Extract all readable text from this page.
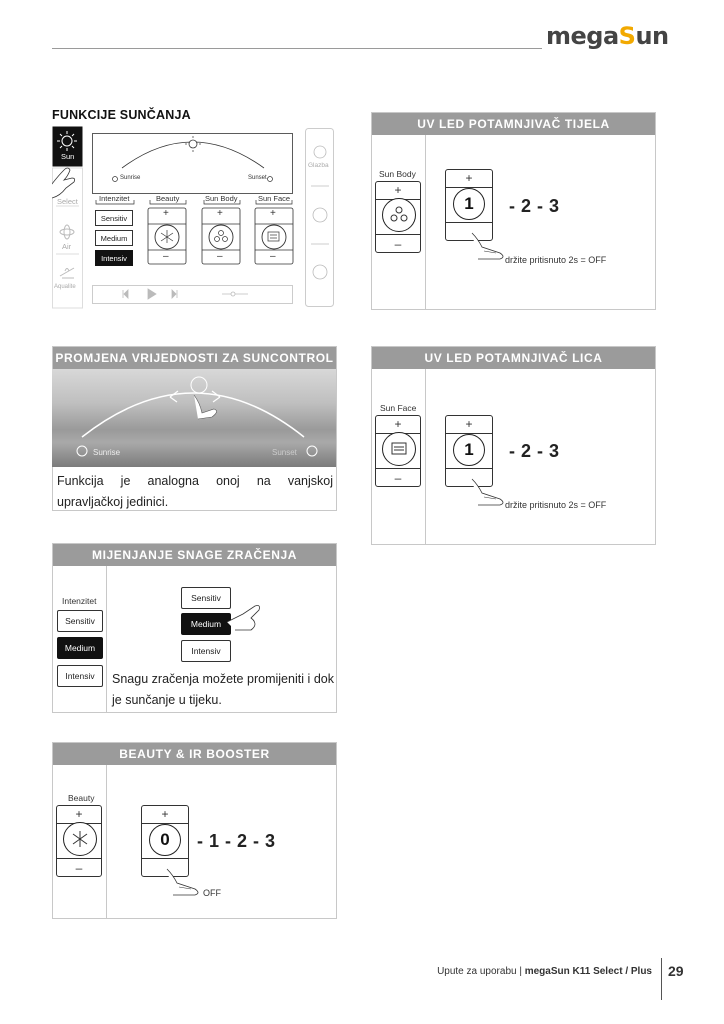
megaSun
FUNKCIJE SUNČANJA
Sun
Select
Air
Aqualite
Sunrise	Sunset
Intenzitet	Beauty	Sun Body	Sun Face
Sensitiv
Medium
Intensiv
+	+	+
–	–	–
Glazba
UV LED POTAMNJIVAČ TIJELA
Sun Body
+
–
+
1	- 2 - 3
držite pritisnuto 2s = OFF
PROMJENA VRIJEDNOSTI ZA SUNCONTROL
Sunrise	Sunset
Funkcija je analogna onoj na vanjskoj upravljačkoj jedinici.
UV LED POTAMNJIVAČ LICA
Sun Face
+
–
+
1	- 2 - 3
držite pritisnuto 2s = OFF
MIJENJANJE SNAGE ZRAČENJA
Intenzitet
Sensitiv
Medium
Intensiv
Sensitiv
Medium
Intensiv
Snagu zračenja možete promijeniti i dok je sunčanje u tijeku.
BEAUTY & IR BOOSTER
Beauty
+
–
+
0	- 1 - 2 - 3
OFF
Upute za uporabu | megaSun K11 Select / Plus 29
